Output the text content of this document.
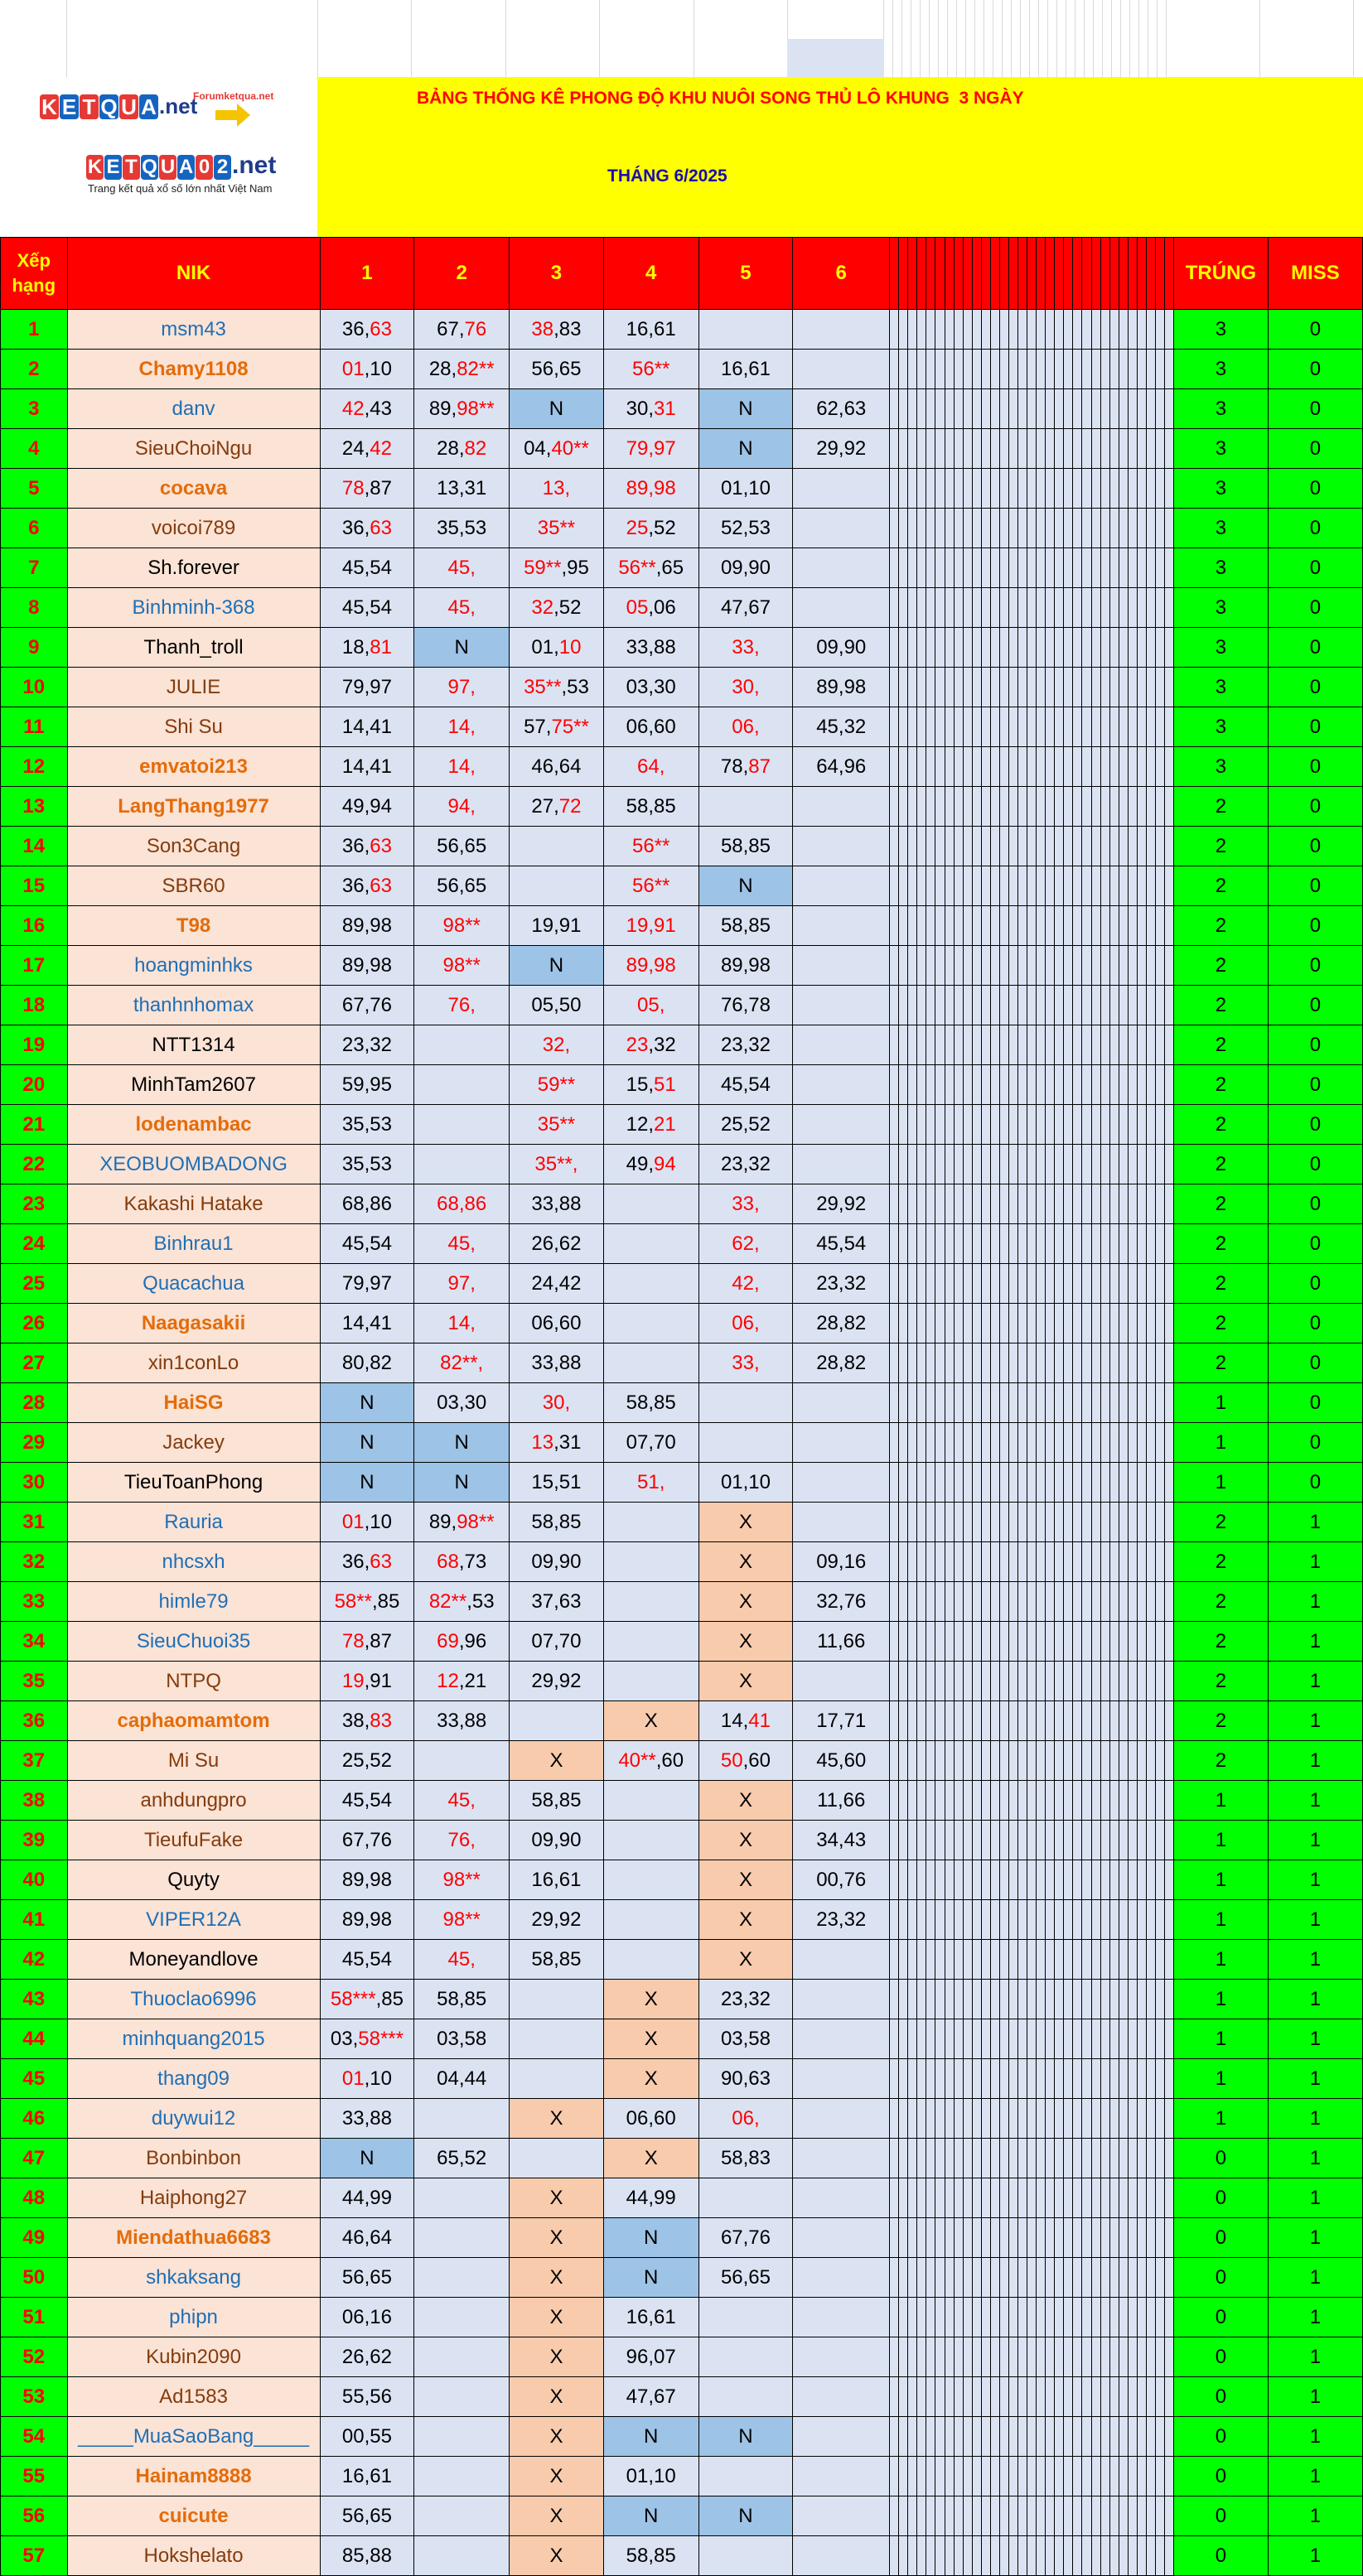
K E T Q U A .net
Forumketqua.net
K E T Q U A 0 2 .net
Trang kết quả xổ số lớn nhất Việt Nam
BẢNG THỐNG KÊ PHONG ĐỘ KHU NUÔI SONG THỦ LÔ KHUNG  3 NGÀY
THÁNG 6/2025
Xếp hạng	NIK	1	2	3	4	5	6																																TRÚNG	MISS
1	msm43	36,63	67,76	38,83	16,61																																		3	0
2	Chamy1108	01,10	28,82**	56,65	56**	16,61																																	3	0
3	danv	42,43	89,98**	N	30,31	N	62,63																																3	0
4	SieuChoiNgu	24,42	28,82	04,40**	79,97	N	29,92																																3	0
5	cocava	78,87	13,31	13,	89,98	01,10																																	3	0
6	voicoi789	36,63	35,53	35**	25,52	52,53																																	3	0
7	Sh.forever	45,54	45,	59**,95	56**,65	09,90																																	3	0
8	Binhminh-368	45,54	45,	32,52	05,06	47,67																																	3	0
9	Thanh_troll	18,81	N	01,10	33,88	33,	09,90																																3	0
10	JULIE	79,97	97,	35**,53	03,30	30,	89,98																																3	0
11	Shi Su	14,41	14,	57,75**	06,60	06,	45,32																																3	0
12	emvatoi213	14,41	14,	46,64	64,	78,87	64,96																																3	0
13	LangThang1977	49,94	94,	27,72	58,85																																		2	0
14	Son3Cang	36,63	56,65		56**	58,85																																	2	0
15	SBR60	36,63	56,65		56**	N																																	2	0
16	T98	89,98	98**	19,91	19,91	58,85																																	2	0
17	hoangminhks	89,98	98**	N	89,98	89,98																																	2	0
18	thanhnhomax	67,76	76,	05,50	05,	76,78																																	2	0
19	NTT1314	23,32		32,	23,32	23,32																																	2	0
20	MinhTam2607	59,95		59**	15,51	45,54																																	2	0
21	lodenambac	35,53		35**	12,21	25,52																																	2	0
22	XEOBUOMBADONG	35,53		35**,	49,94	23,32																																	2	0
23	Kakashi Hatake	68,86	68,86	33,88		33,	29,92																																2	0
24	Binhrau1	45,54	45,	26,62		62,	45,54																																2	0
25	Quacachua	79,97	97,	24,42		42,	23,32																																2	0
26	Naagasakii	14,41	14,	06,60		06,	28,82																																2	0
27	xin1conLo	80,82	82**,	33,88		33,	28,82																																2	0
28	HaiSG	N	03,30	30,	58,85																																		1	0
29	Jackey	N	N	13,31	07,70																																		1	0
30	TieuToanPhong	N	N	15,51	51,	01,10																																	1	0
31	Rauria	01,10	89,98**	58,85		X																																	2	1
32	nhcsxh	36,63	68,73	09,90		X	09,16																																2	1
33	himle79	58**,85	82**,53	37,63		X	32,76																																2	1
34	SieuChuoi35	78,87	69,96	07,70		X	11,66																																2	1
35	NTPQ	19,91	12,21	29,92		X																																	2	1
36	caphaomamtom	38,83	33,88		X	14,41	17,71																																2	1
37	Mi Su	25,52		X	40**,60	50,60	45,60																																2	1
38	anhdungpro	45,54	45,	58,85		X	11,66																																1	1
39	TieufuFake	67,76	76,	09,90		X	34,43																																1	1
40	Quyty	89,98	98**	16,61		X	00,76																																1	1
41	VIPER12A	89,98	98**	29,92		X	23,32																																1	1
42	Moneyandlove	45,54	45,	58,85		X																																	1	1
43	Thuoclao6996	58***,85	58,85		X	23,32																																	1	1
44	minhquang2015	03,58***	03,58		X	03,58																																	1	1
45	thang09	01,10	04,44		X	90,63																																	1	1
46	duywui12	33,88		X	06,60	06,																																	1	1
47	Bonbinbon	N	65,52		X	58,83																																	0	1
48	Haiphong27	44,99		X	44,99																																		0	1
49	Miendathua6683	46,64		X	N	67,76																																	0	1
50	shkaksang	56,65		X	N	56,65																																	0	1
51	phipn	06,16		X	16,61																																		0	1
52	Kubin2090	26,62		X	96,07																																		0	1
53	Ad1583	55,56		X	47,67																																		0	1
54	_____MuaSaoBang_____	00,55		X	N	N																																	0	1
55	Hainam8888	16,61		X	01,10																																		0	1
56	cuicute	56,65		X	N	N																																	0	1
57	Hokshelato	85,88		X	58,85																																		0	1
